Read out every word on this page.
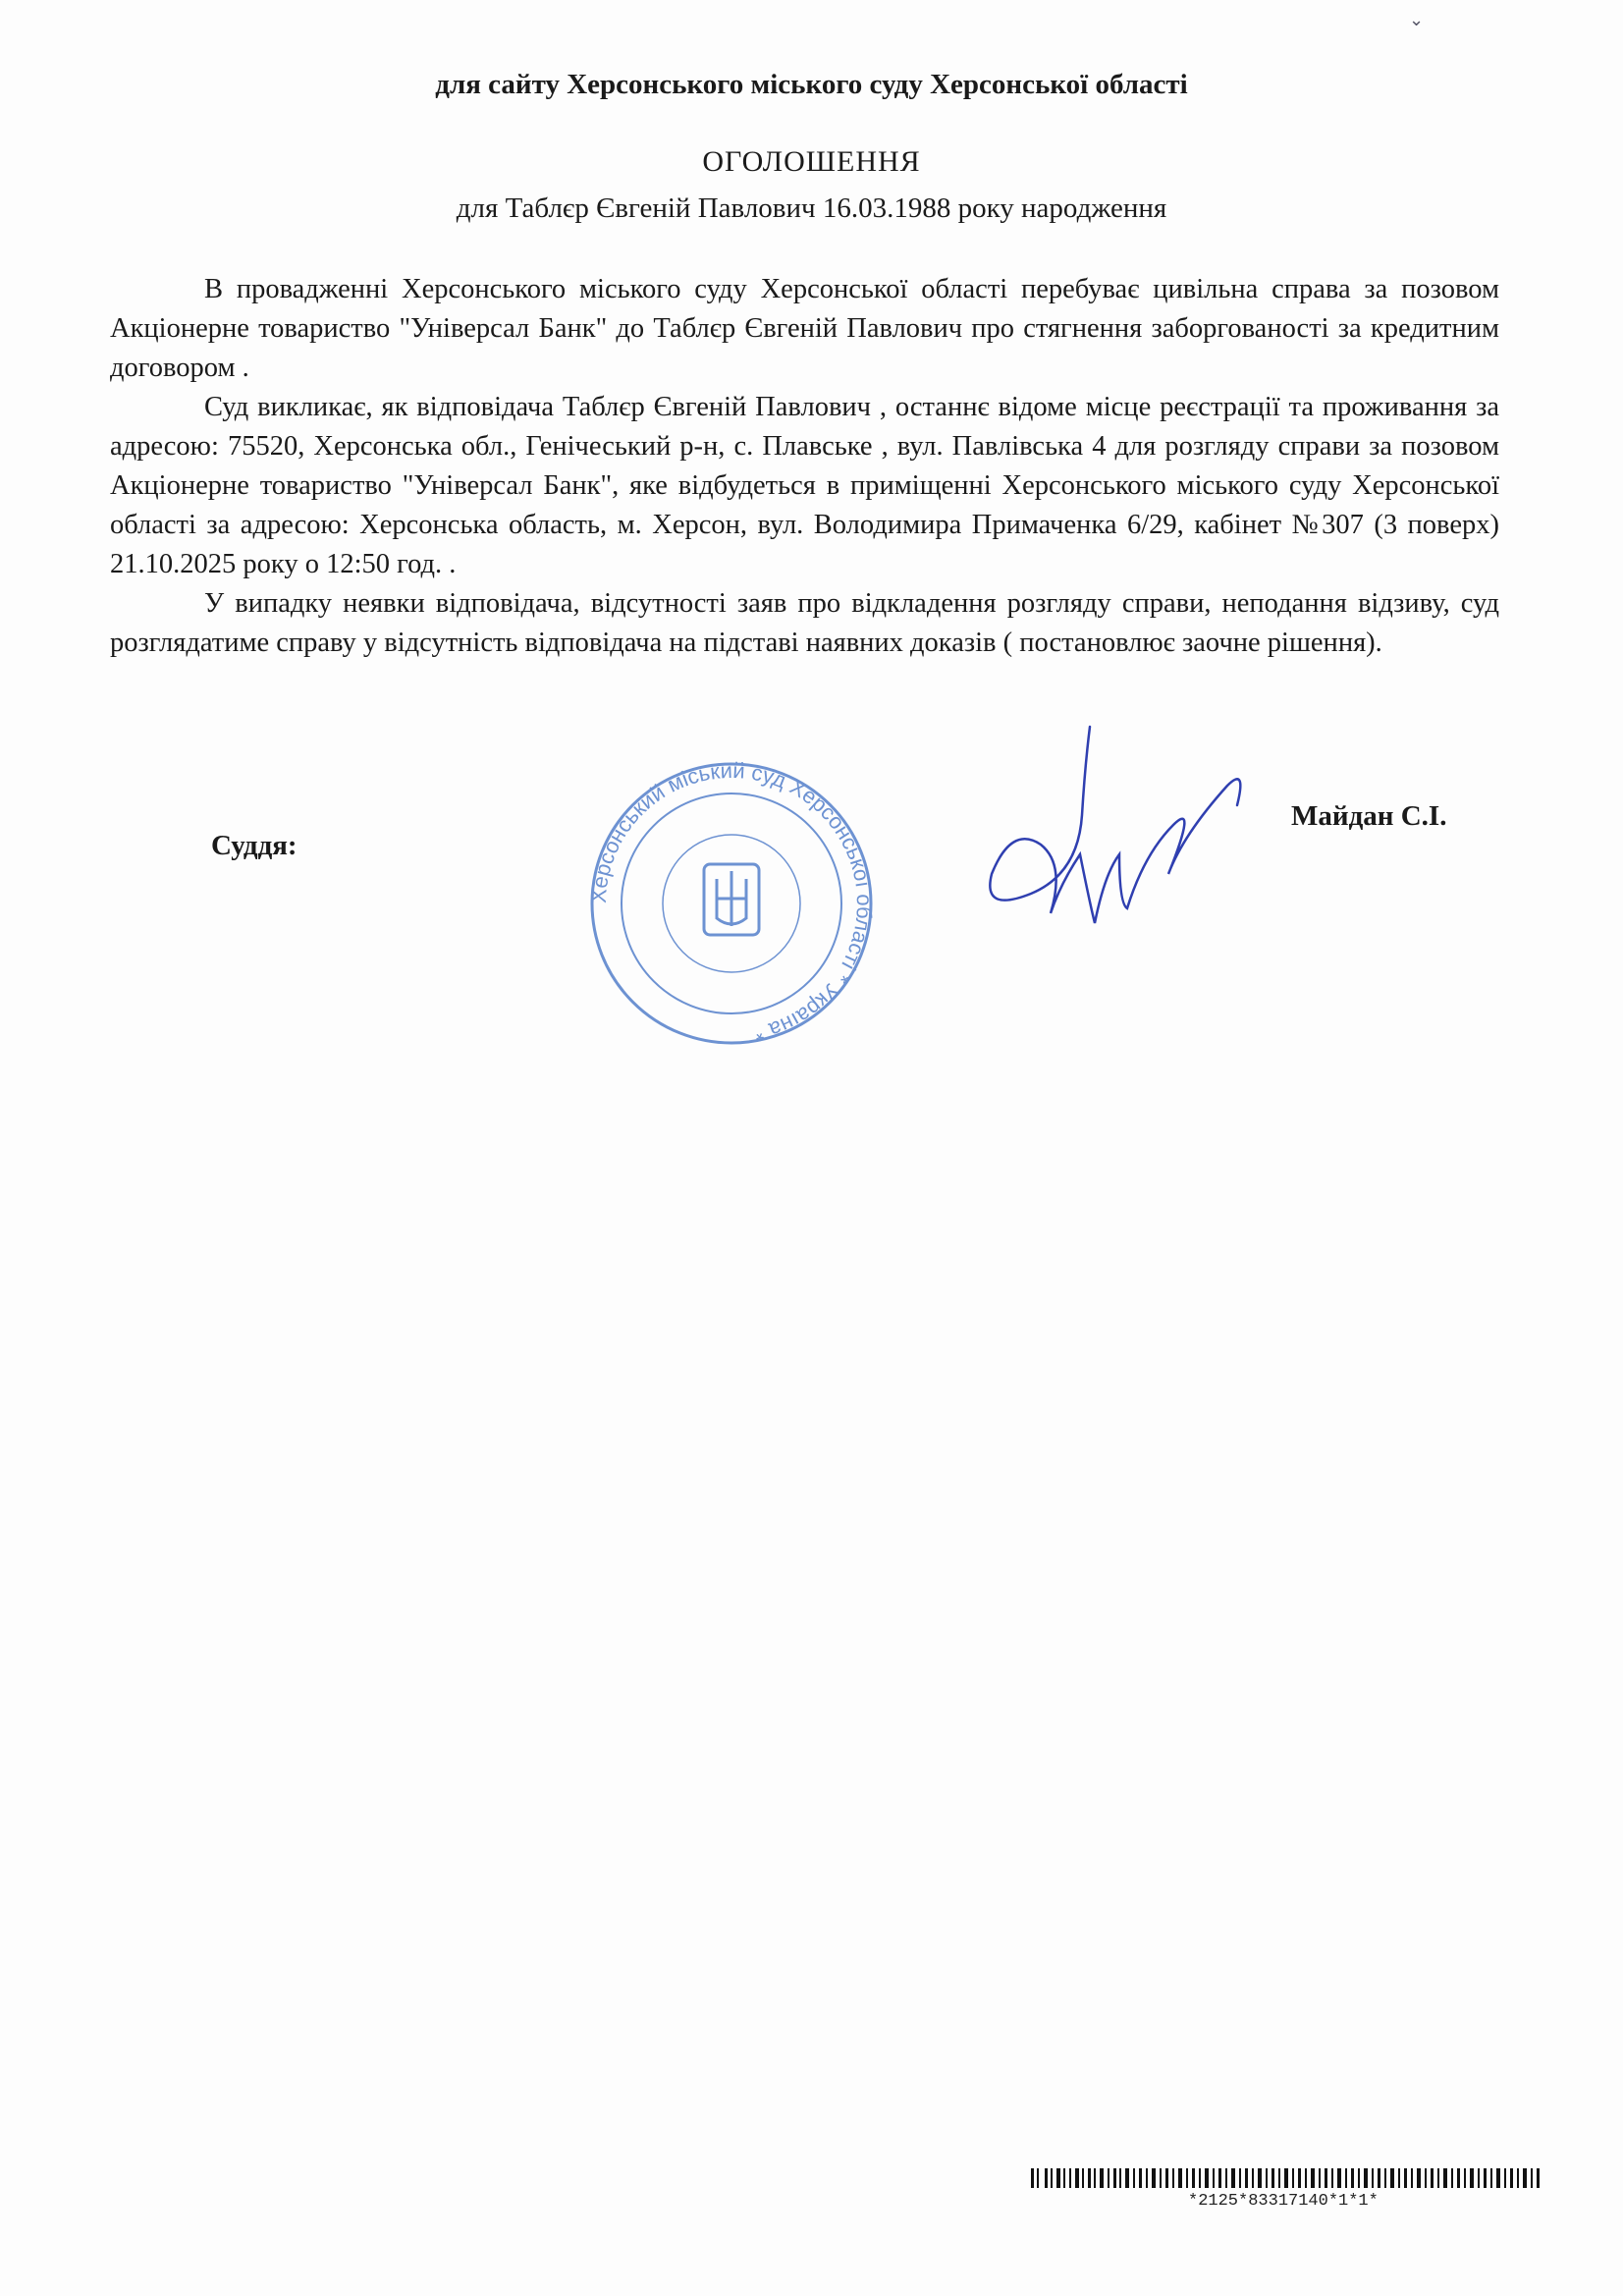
⌄
для сайту Херсонського міського суду Херсонської області
ОГОЛОШЕННЯ
для Таблєр Євгеній Павлович 16.03.1988 року народження

В провадженні Херсонського міського суду Херсонської області перебуває цивільна справа за позовом Акціонерне товариство "Універсал Банк" до Таблєр Євгеній Павлович про стягнення заборгованості за кредитним договором .

Суд викликає, як відповідача Таблєр Євгеній Павлович , останнє відоме місце реєстрації та проживання за адресою: 75520, Херсонська обл., Генічеський р-н, с. Плавське , вул. Павлівська 4 для розгляду справи за позовом Акціонерне товариство "Універсал Банк", яке відбудеться в приміщенні Херсонського міського суду Херсонської області за адресою: Херсонська область, м. Херсон, вул. Володимира Примаченка 6/29, кабінет №307 (3 поверх) 21.10.2025 року о 12:50 год. .

У випадку неявки відповідача, відсутності заяв про відкладення розгляду справи, неподання відзиву, суд розглядатиме справу у відсутність відповідача на підставі наявних доказів ( постановлює заочне рішення).

Херсонський міський суд Херсонської області * Україна *
Суддя:
Майдан С.І.
*2125*83317140*1*1*
